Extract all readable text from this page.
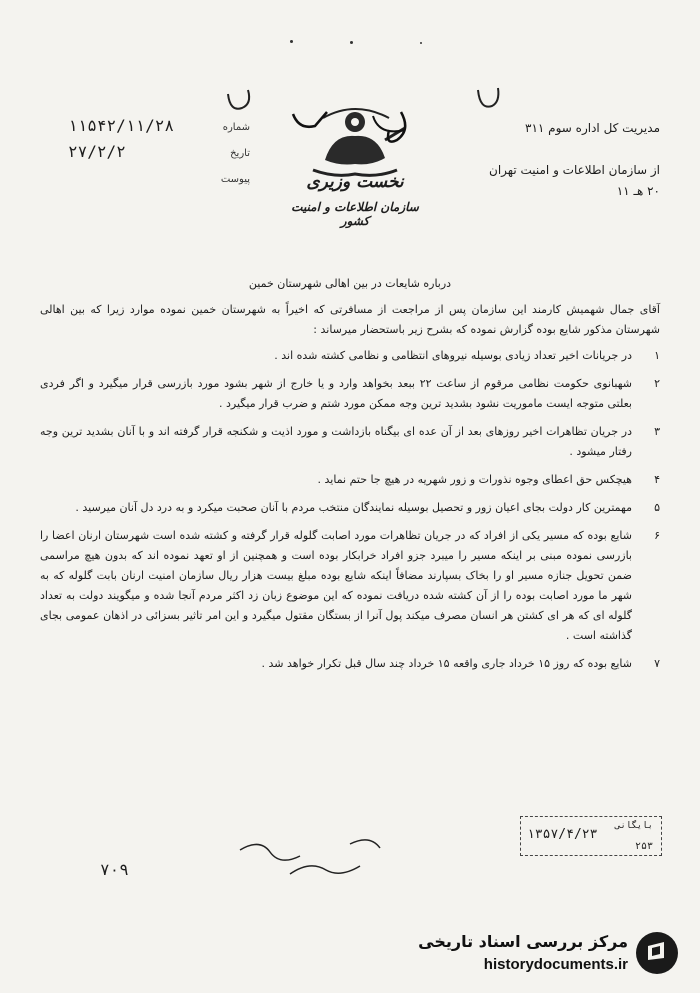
مدیریت کل اداره سوم ۳۱۱
از سازمان اطلاعات و امنیت تهران
۲۰ هـ ۱۱
شماره
۱۱۵۴۲/۱۱/۲۸
تاریخ
۲۷/۲/۲
پیوست	نخست وزیری
سازمان اطلاعات و امنیت کشور
درباره شایعات در بین اهالی شهرستان خمین

آقای جمال شهمیش کارمند این سازمان پس از مراجعت از مسافرتی که اخیراً به شهرستان خمین نموده موارد زیرا که بین اهالی شهرستان مذکور شایع بوده گزارش نموده که بشرح زیر باستحضار میرساند :

۱
در جریانات اخیر تعداد زیادی بوسیله نیروهای انتظامی و نظامی کشته شده اند .
۲
شهبانوی حکومت نظامی مرقوم از ساعت ۲۲ ببعد بخواهد وارد و یا خارج از شهر بشود مورد بازرسی قرار میگیرد و اگر فردی بعلتی متوجه ایست ماموریت نشود بشدید ترین وجه ممکن مورد شتم و ضرب قرار میگیرد .
۳
در جریان تظاهرات اخیر روزهای بعد از آن عده ای بیگناه بازداشت و مورد اذیت و شکنجه قرار گرفته اند و با آنان بشدید ترین وجه رفتار میشود .
۴
هیچکس حق اعطای وجوه نذورات و زور شهریه در هیچ جا حتم نماید .
۵
مهمترین کار دولت بجای اعیان زور و تحصیل بوسیله نمایندگان منتخب مردم با آنان صحبت میکرد و به درد دل آنان میرسید .
۶
شایع بوده که مسیر یکی از افراد که در جریان تظاهرات مورد اصابت گلوله قرار گرفته و کشته شده است شهرستان ارنان اعضا را بازرسی نموده مبنی بر اینکه مسیر را میبرد جزو افراد خرابکار بوده است و همچنین از او تعهد نموده اند که بدون هیچ مراسمی ضمن تحویل جنازه مسیر او را بخاک بسپارند مضافاً اینکه شایع بوده مبلغ بیست هزار ریال سازمان امنیت ارنان بابت گلوله که به شهر ما مورد اصابت بوده را از آن کشته شده دریافت نموده که این موضوع زبان زد اکثر مردم آنجا شده و میگویند دولت به تعداد گلوله ای که هر ای کشتن هر انسان مصرف میکند پول آنرا از بستگان مقتول میگیرد و این امر تاثیر بسزائی در اذهان عمومی بجای گذاشته است .
۷
شایع بوده که روز ۱۵ خرداد جاری واقعه ۱۵ خرداد چند سال قبل تکرار خواهد شد .
بایگانی
۱۳۵۷/۴/۲۳
۲۵۳
۷۰۹
مرکز بررسی اسناد تاریخی
historydocuments.ir
